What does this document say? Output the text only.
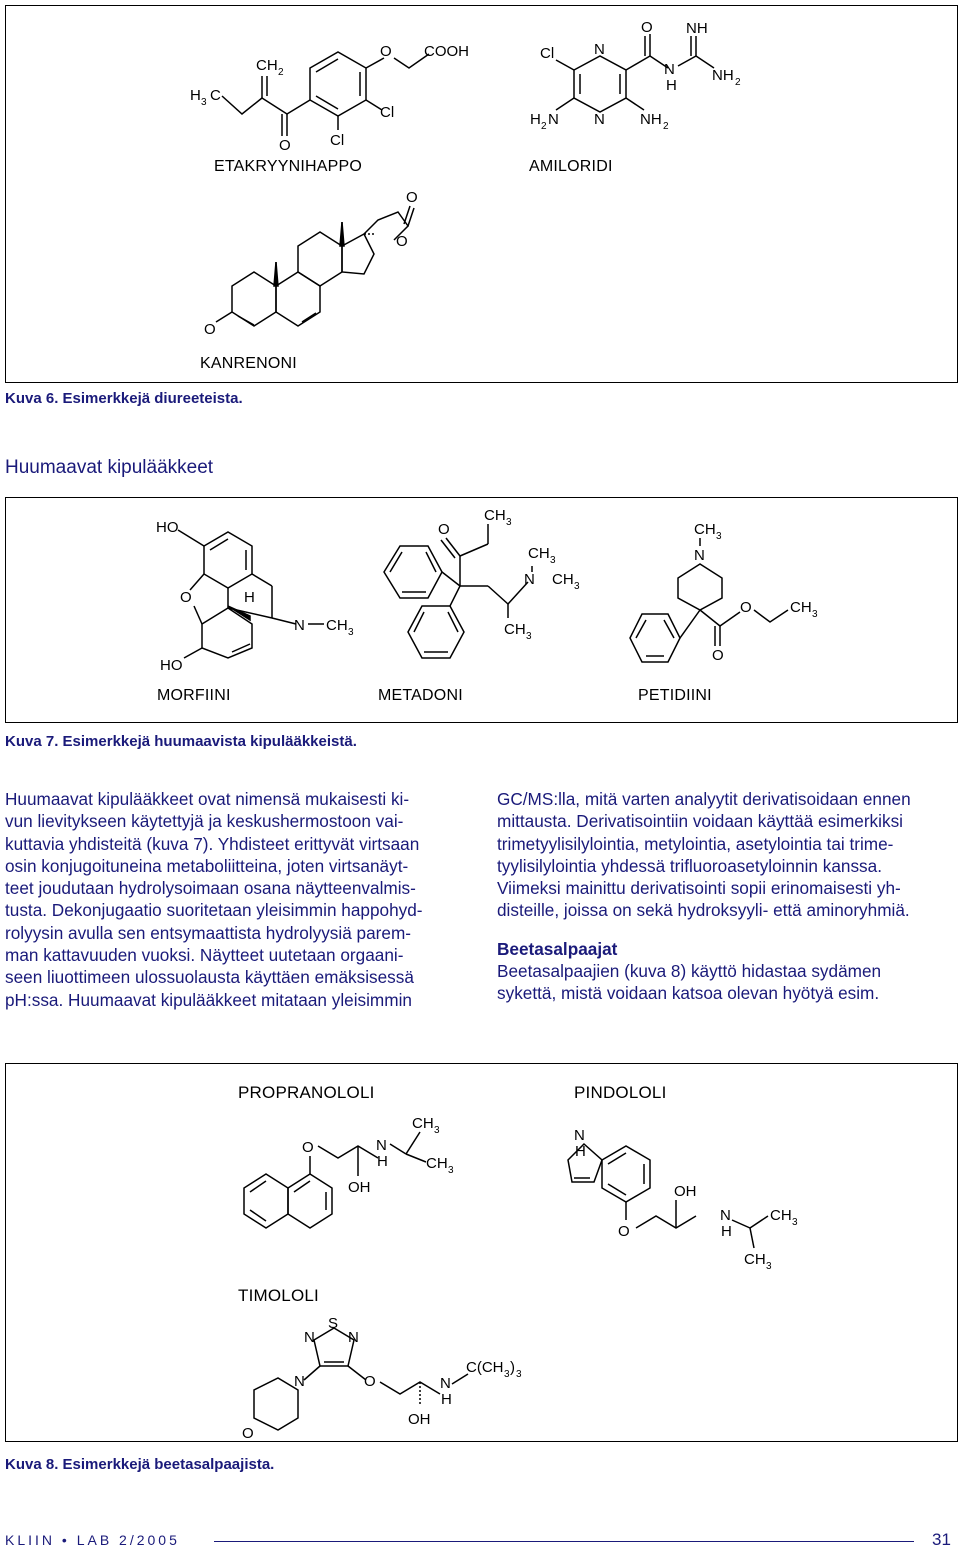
H 3 C
CH 2
O	Cl
Cl
O COOH
ETAKRYYNIHAPPO
Cl	N
N
H 2 N	NH 2
O
N
H
NH
NH 2
AMILORIDI
O
O
O
KANRENONI
Kuva 6. Esimerkkejä diureeteista.
Huumaavat kipulääkkeet
HO
O
N CH 3
H
HO
MORFIINI
O
CH 3
CH 3
N
CH 3
CH 3
METADONI
CH 3
N
O
O	CH 3
PETIDIINI
Kuva 7. Esimerkkejä huumaavista kipulääkkeistä.

Huumaavat kipulääkkeet ovat nimensä mukaisesti ki-

vun lievitykseen käytettyjä ja keskushermostoon vai-

kuttavia yhdisteitä (kuva 7). Yhdisteet erittyvät virtsaan

osin konjugoituneina metaboliitteina, joten virtsanäyt-

teet joudutaan hydrolysoimaan osana näytteenvalmis-

tusta. Dekonjugaatio suoritetaan yleisimmin happohyd-

rolyysin avulla sen entsymaattista hydrolyysiä parem-

man kattavuuden vuoksi. Näytteet uutetaan orgaani-

seen liuottimeen ulossuolausta käyttäen emäksisessä

pH:ssa. Huumaavat kipulääkkeet mitataan yleisimmin

GC/MS:lla, mitä varten analyytit derivatisoidaan ennen

mittausta. Derivatisointiin voidaan käyttää esimerkiksi

trimetyylisilylointia, metylointia, asetylointia tai trime-

tyylisilylointia yhdessä trifluoroasetyloinnin kanssa.

Viimeksi mainittu derivatisointi sopii erinomaisesti yh-

disteille, joissa on sekä hydroksyyli- että aminoryhmiä.

Beetasalpaajat

Beetasalpaajien (kuva 8) käyttö hidastaa sydämen

sykettä, mistä voidaan katsoa olevan hyötyä esim.

PROPRANOLOLI	PINDOLOLI
TIMOLOLI
O
OH
N
H
CH 3
CH 3
N
H
O
OH
N
H
CH 3
CH 3
S
N N
N
O
O
OH
N
H
C(CH 3 ) 3
Kuva 8. Esimerkkejä beetasalpaajista.
KLIIN • LAB 2/2005	31
